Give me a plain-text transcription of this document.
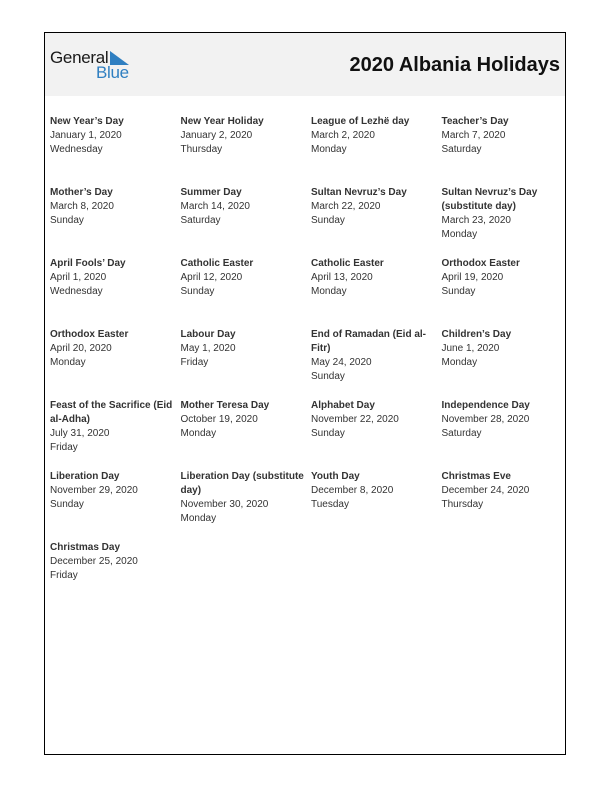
General
Blue	2020 Albania Holidays
New Year’s Day
January 1, 2020
Wednesday
New Year Holiday
January 2, 2020
Thursday
League of Lezhë day
March 2, 2020
Monday
Teacher’s Day
March 7, 2020
Saturday
Mother’s Day
March 8, 2020
Sunday
Summer Day
March 14, 2020
Saturday
Sultan Nevruz’s Day
March 22, 2020
Sunday
Sultan Nevruz’s Day (substitute day)
March 23, 2020
Monday
April Fools’ Day
April 1, 2020
Wednesday
Catholic Easter
April 12, 2020
Sunday
Catholic Easter
April 13, 2020
Monday
Orthodox Easter
April 19, 2020
Sunday
Orthodox Easter
April 20, 2020
Monday
Labour Day
May 1, 2020
Friday
End of Ramadan (Eid al-Fitr)
May 24, 2020
Sunday
Children’s Day
June 1, 2020
Monday
Feast of the Sacrifice (Eid al-Adha)
July 31, 2020
Friday
Mother Teresa Day
October 19, 2020
Monday
Alphabet Day
November 22, 2020
Sunday
Independence Day
November 28, 2020
Saturday
Liberation Day
November 29, 2020
Sunday
Liberation Day (substitute day)
November 30, 2020
Monday
Youth Day
December 8, 2020
Tuesday
Christmas Eve
December 24, 2020
Thursday
Christmas Day
December 25, 2020
Friday
